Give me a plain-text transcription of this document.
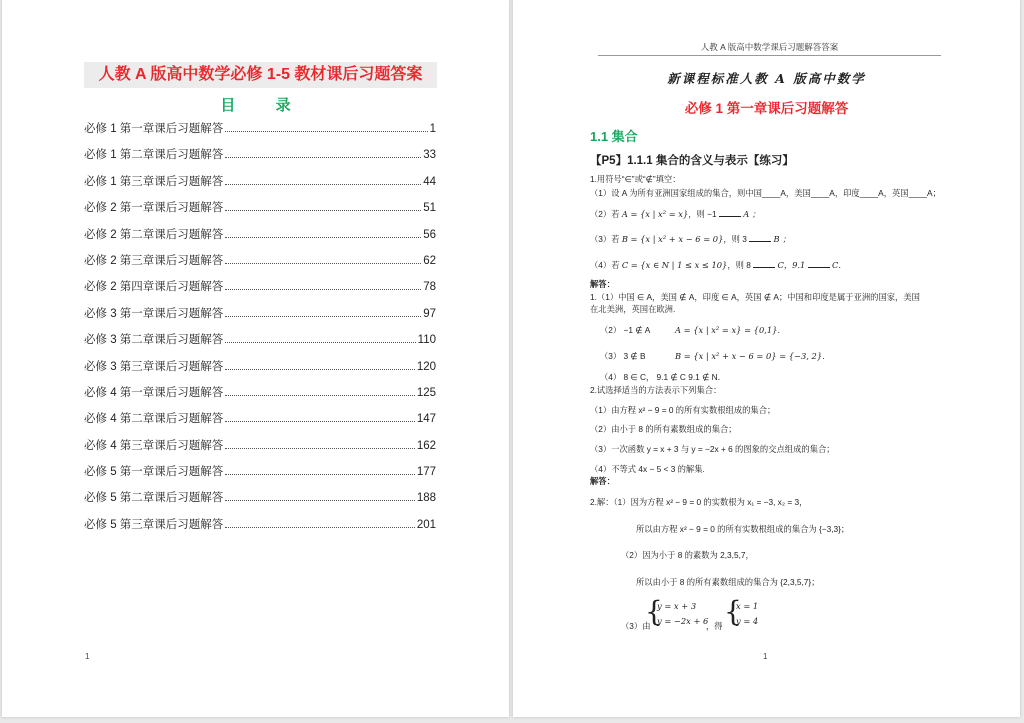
人教 A 版高中数学必修 1-5 教材课后习题答案
目 录
必修 1 第一章课后习题解答	1
必修 1 第二章课后习题解答	33
必修 1 第三章课后习题解答	44
必修 2 第一章课后习题解答	51
必修 2 第二章课后习题解答	56
必修 2 第三章课后习题解答	62
必修 2 第四章课后习题解答	78
必修 3 第一章课后习题解答	97
必修 3 第二章课后习题解答	110
必修 3 第三章课后习题解答	120
必修 4 第一章课后习题解答	125
必修 4 第二章课后习题解答	147
必修 4 第三章课后习题解答	162
必修 5 第一章课后习题解答	177
必修 5 第二章课后习题解答	188
必修 5 第三章课后习题解答	201
1
人教 A 版高中数学课后习题解答答案
新课程标准人教 A 版高中数学
必修 1 第一章课后习题解答
1.1 集合
【P5】1.1.1 集合的含义与表示【练习】
1.用符号“∈”或“∉”填空：
（1）设 A 为所有亚洲国家组成的集合，则中国____A，美国____A，印度____A，英国____A；
（2）若 A = {x | x² = x}，则 −1	A ；
（3）若 B = {x | x² + x − 6 = 0}，则 3	B ；
（4）若 C = {x ∈ N | 1 ≤ x ≤ 10}，则 8	C，9.1	C．
解答：
1.（1）中国 ∈ A，美国 ∉ A，印度 ∈ A，英国 ∉ A；中国和印度是属于亚洲的国家，美国
在北美洲，英国在欧洲.
（2） −1 ∉ A	A = {x | x² = x} = {0,1}．
（3） 3 ∉ B	B = {x | x² + x − 6 = 0} = {−3, 2}．
（4） 8 ∈ C， 9.1 ∉ C 9.1 ∉ N．
2.试选择适当的方法表示下列集合：
（1）由方程 x² − 9 = 0 的所有实数根组成的集合；
（2）由小于 8 的所有素数组成的集合；
（3）一次函数 y = x + 3 与 y = −2x + 6 的图象的交点组成的集合；
（4）不等式 4x − 5 < 3 的解集.
解答：
2.解：（1）因为方程 x² − 9 = 0 的实数根为 x₁ = −3, x₂ = 3，
所以由方程 x² − 9 = 0 的所有实数根组成的集合为 {−3,3}；
（2）因为小于 8 的素数为 2,3,5,7，
所以由小于 8 的所有素数组成的集合为 {2,3,5,7}；
（3）由
{
y = x + 3
y = −2x + 6
，得 {
x = 1
y = 4
1
